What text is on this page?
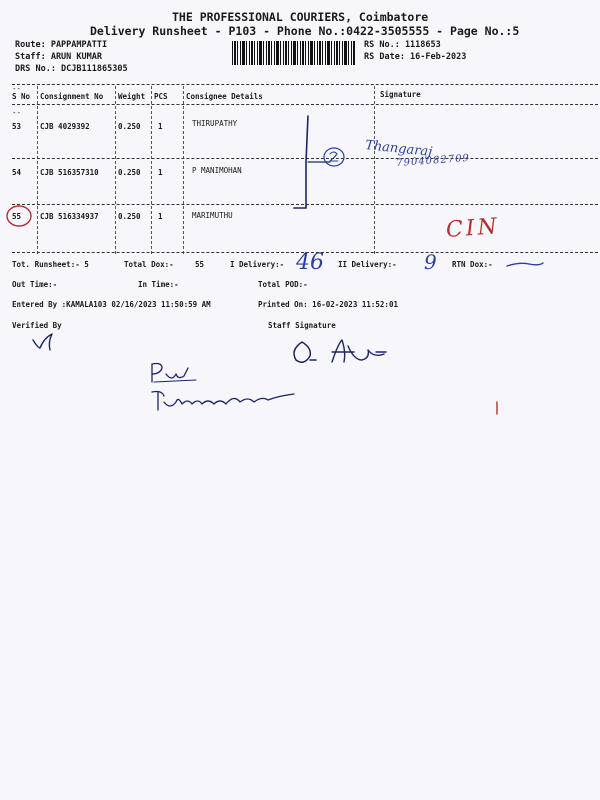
THE PROFESSIONAL COURIERS, Coimbatore
Delivery Runsheet - P103 - Phone No.:0422-3505555 - Page No.:5
Route: PAPPAMPATTI
Staff: ARUN KUMAR
DRS No.: DCJB111865305
RS No.: 1118653
RS Date: 16-Feb-2023
--
S No Consignment No Weight PCS Consignee Details	Signature
--
53	CJB 4029392	0.250 1	THIRUPATHY
54	CJB 516357310	0.250 1	P MANIMOHAN
55	CJB 516334937	0.250 1	MARIMUTHU
Tot. Runsheet:- 5	Total Dox:-	55	I Delivery:- 46 II Delivery:- 9 RTN Dox:-
Out Time:-	In Time:-	Total POD:-
Entered By :KAMALA103 02/16/2023 11:50:59 AM	Printed On: 16-02-2023 11:52:01
Verified By	Staff Signature
Thangaraj
7904082709
CIN
